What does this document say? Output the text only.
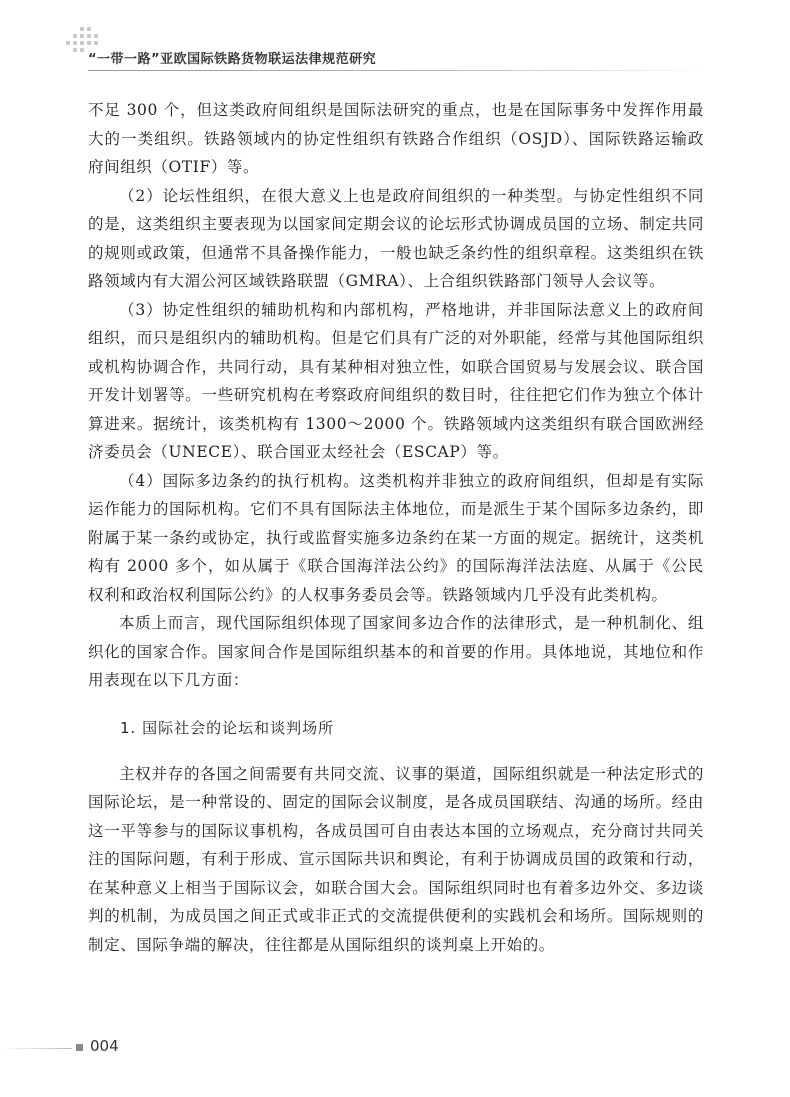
“一带一路”亚欧国际铁路货物联运法律规范研究

不足 300 个，但这类政府间组织是国际法研究的重点，也是在国际事务中发挥作用最大的一类组织。铁路领域内的协定性组织有铁路合作组织（OSJD）、国际铁路运输政府间组织（OTIF）等。

（2）论坛性组织，在很大意义上也是政府间组织的一种类型。与协定性组织不同的是，这类组织主要表现为以国家间定期会议的论坛形式协调成员国的立场、制定共同的规则或政策，但通常不具备操作能力，一般也缺乏条约性的组织章程。这类组织在铁路领域内有大湄公河区域铁路联盟（GMRA）、上合组织铁路部门领导人会议等。

（3）协定性组织的辅助机构和内部机构，严格地讲，并非国际法意义上的政府间组织，而只是组织内的辅助机构。但是它们具有广泛的对外职能，经常与其他国际组织或机构协调合作，共同行动，具有某种相对独立性，如联合国贸易与发展会议、联合国开发计划署等。一些研究机构在考察政府间组织的数目时，往往把它们作为独立个体计算进来。据统计，该类机构有 1300～2000 个。铁路领域内这类组织有联合国欧洲经济委员会（UNECE）、联合国亚太经社会（ESCAP）等。

（4）国际多边条约的执行机构。这类机构并非独立的政府间组织，但却是有实际运作能力的国际机构。它们不具有国际法主体地位，而是派生于某个国际多边条约，即附属于某一条约或协定，执行或监督实施多边条约在某一方面的规定。据统计，这类机构有 2000 多个，如从属于《联合国海洋法公约》的国际海洋法法庭、从属于《公民权利和政治权利国际公约》的人权事务委员会等。铁路领域内几乎没有此类机构。

本质上而言，现代国际组织体现了国家间多边合作的法律形式，是一种机制化、组织化的国家合作。国家间合作是国际组织基本的和首要的作用。具体地说，其地位和作用表现在以下几方面：

1. 国际社会的论坛和谈判场所

主权并存的各国之间需要有共同交流、议事的渠道，国际组织就是一种法定形式的国际论坛，是一种常设的、固定的国际会议制度，是各成员国联结、沟通的场所。经由这一平等参与的国际议事机构，各成员国可自由表达本国的立场观点，充分商讨共同关注的国际问题，有利于形成、宣示国际共识和舆论，有利于协调成员国的政策和行动，在某种意义上相当于国际议会，如联合国大会。国际组织同时也有着多边外交、多边谈判的机制，为成员国之间正式或非正式的交流提供便利的实践机会和场所。国际规则的制定、国际争端的解决，往往都是从国际组织的谈判桌上开始的。

004
